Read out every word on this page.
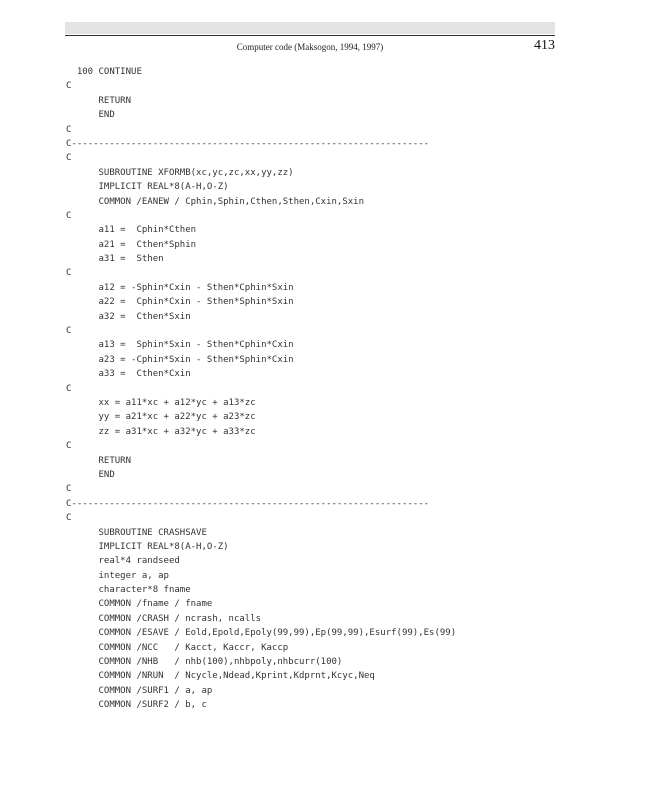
Computer code (Maksogon, 1994, 1997)	413
100 CONTINUE
C
RETURN
END
C
C------------------------------------------------------------------
C
SUBROUTINE XFORMB(xc,yc,zc,xx,yy,zz)
IMPLICIT REAL*8(A-H,O-Z)
COMMON /EANEW / Cphin,Sphin,Cthen,Sthen,Cxin,Sxin
C
a11 =  Cphin*Cthen
a21 =  Cthen*Sphin
a31 =  Sthen
C
a12 = -Sphin*Cxin - Sthen*Cphin*Sxin
a22 =  Cphin*Cxin - Sthen*Sphin*Sxin
a32 =  Cthen*Sxin
C
a13 =  Sphin*Sxin - Sthen*Cphin*Cxin
a23 = -Cphin*Sxin - Sthen*Sphin*Cxin
a33 =  Cthen*Cxin
C
xx = a11*xc + a12*yc + a13*zc
yy = a21*xc + a22*yc + a23*zc
zz = a31*xc + a32*yc + a33*zc
C
RETURN
END
C
C------------------------------------------------------------------
C
SUBROUTINE CRASHSAVE
IMPLICIT REAL*8(A-H,O-Z)
real*4 randseed
integer a, ap
character*8 fname
COMMON /fname / fname
COMMON /CRASH / ncrash, ncalls
COMMON /ESAVE / Eold,Epold,Epoly(99,99),Ep(99,99),Esurf(99),Es(99)
COMMON /NCC   / Kacct, Kaccr, Kaccp
COMMON /NHB   / nhb(100),nhbpoly,nhbcurr(100)
COMMON /NRUN  / Ncycle,Ndead,Kprint,Kdprnt,Kcyc,Neq
COMMON /SURF1 / a, ap
COMMON /SURF2 / b, c
